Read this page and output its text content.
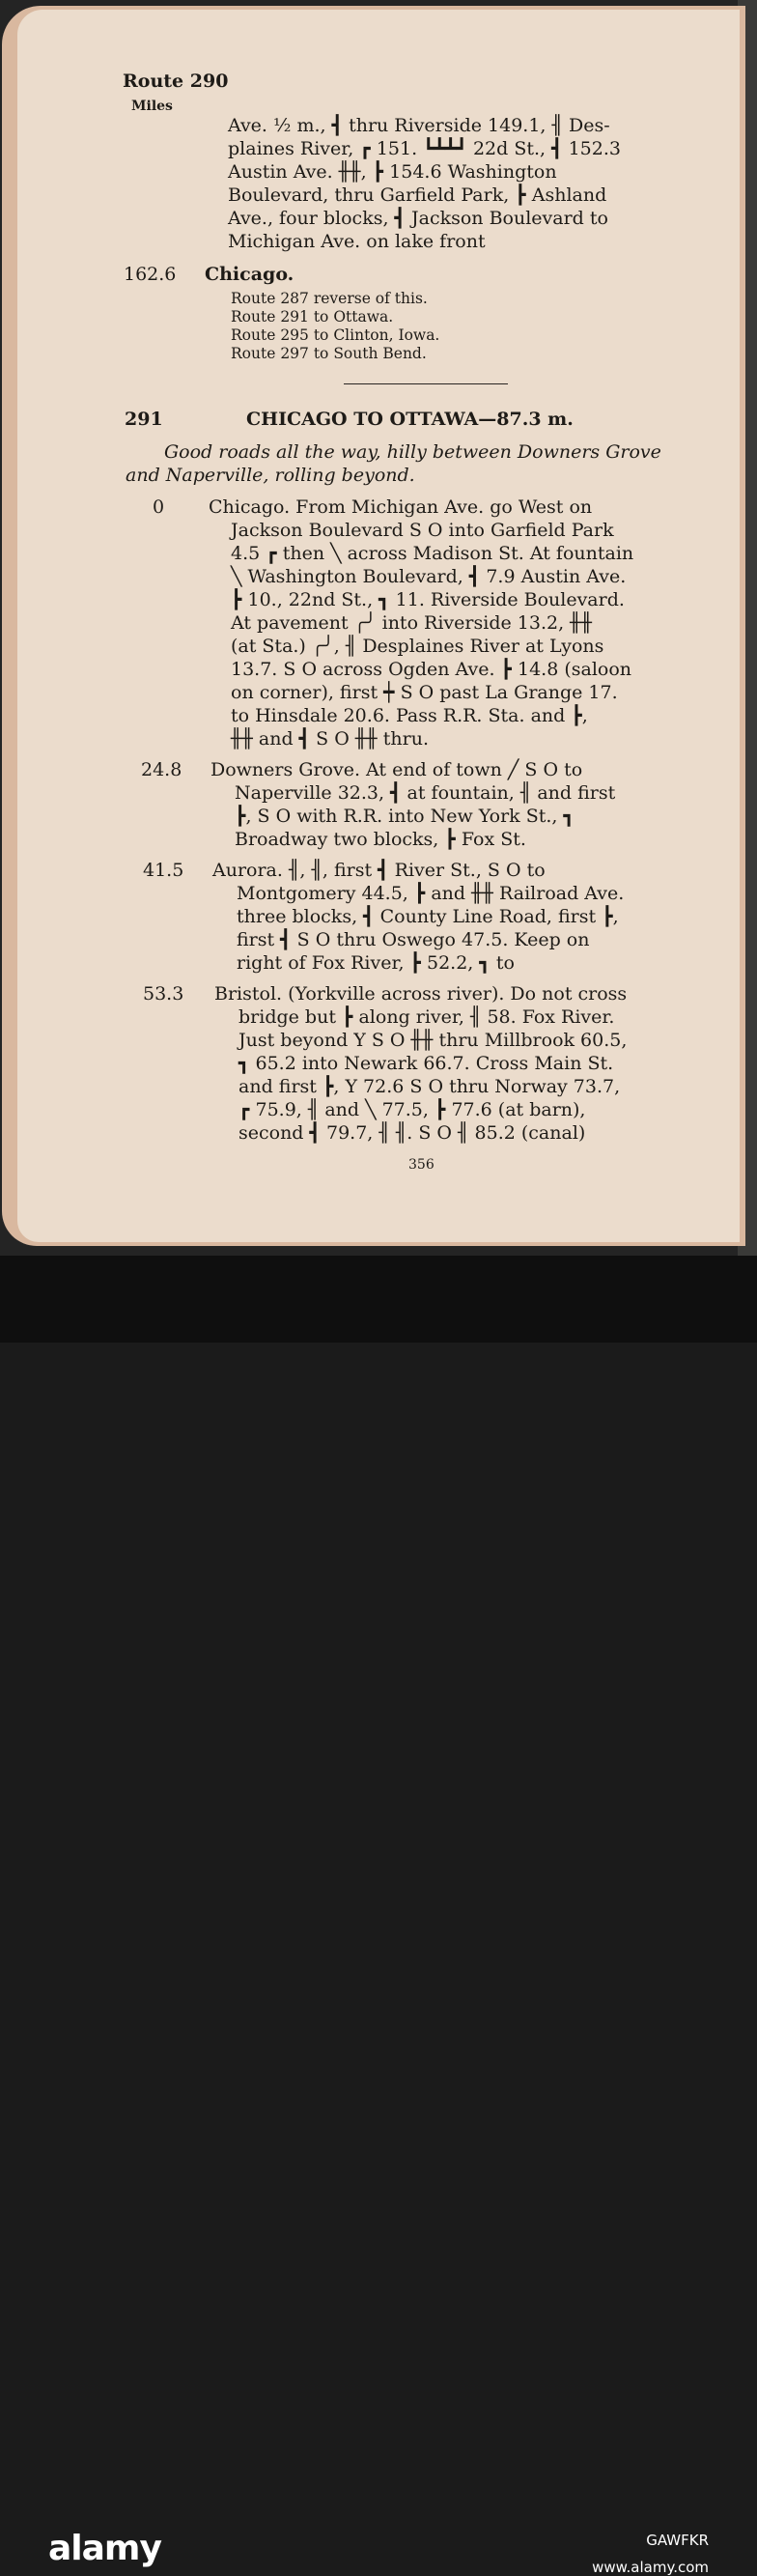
Route 290
Miles
Ave. ½ m., ┫ thru Riverside 149.1, ╢ Des-
plaines River, ┏ 151. ┗┻┻┛ 22d St., ┫ 152.3
Austin Ave. ╫╫, ┣ 154.6 Washington
Boulevard, thru Garfield Park, ┣ Ashland
Ave., four blocks, ┫ Jackson Boulevard to
Michigan Ave. on lake front
162.6 Chicago.
Route 287 reverse of this.
Route 291 to Ottawa.
Route 295 to Clinton, Iowa.
Route 297 to South Bend.
291	CHICAGO TO OTTAWA—87.3 m.
Good roads all the way, hilly between Downers Grove
and Naperville, rolling beyond.
0 Chicago. From Michigan Ave. go West on
Jackson Boulevard S O into Garfield Park
4.5 ┏ then ╲ across Madison St. At fountain
╲ Washington Boulevard, ┫ 7.9 Austin Ave.
┣ 10., 22nd St., ┓ 11. Riverside Boulevard.
At pavement ╭╯ into Riverside 13.2, ╫╫
(at Sta.) ╭╯, ╢ Desplaines River at Lyons
13.7. S O across Ogden Ave. ┣ 14.8 (saloon
on corner), first ┿ S O past La Grange 17.
to Hinsdale 20.6. Pass R.R. Sta. and ┣,
╫╫ and ┫ S O ╫╫ thru.
24.8 Downers Grove. At end of town ╱ S O to
Naperville 32.3, ┫ at fountain, ╢ and first
┣, S O with R.R. into New York St., ┓
Broadway two blocks, ┣ Fox St.
41.5 Aurora. ╢, ╢, first ┫ River St., S O to
Montgomery 44.5, ┣ and ╫╫ Railroad Ave.
three blocks, ┫ County Line Road, first ┣,
first ┫ S O thru Oswego 47.5. Keep on
right of Fox River, ┣ 52.2, ┓ to
53.3 Bristol. (Yorkville across river). Do not cross
bridge but ┣ along river, ╢ 58. Fox River.
Just beyond Y S O ╫╫ thru Millbrook 60.5,
┓ 65.2 into Newark 66.7. Cross Main St.
and first ┣, Y 72.6 S O thru Norway 73.7,
┏ 75.9, ╢ and ╲ 77.5, ┣ 77.6 (at barn),
second ┫ 79.7, ╢ ╢. S O ╢ 85.2 (canal)
356
alamy	GAWFKR
www.alamy.com
